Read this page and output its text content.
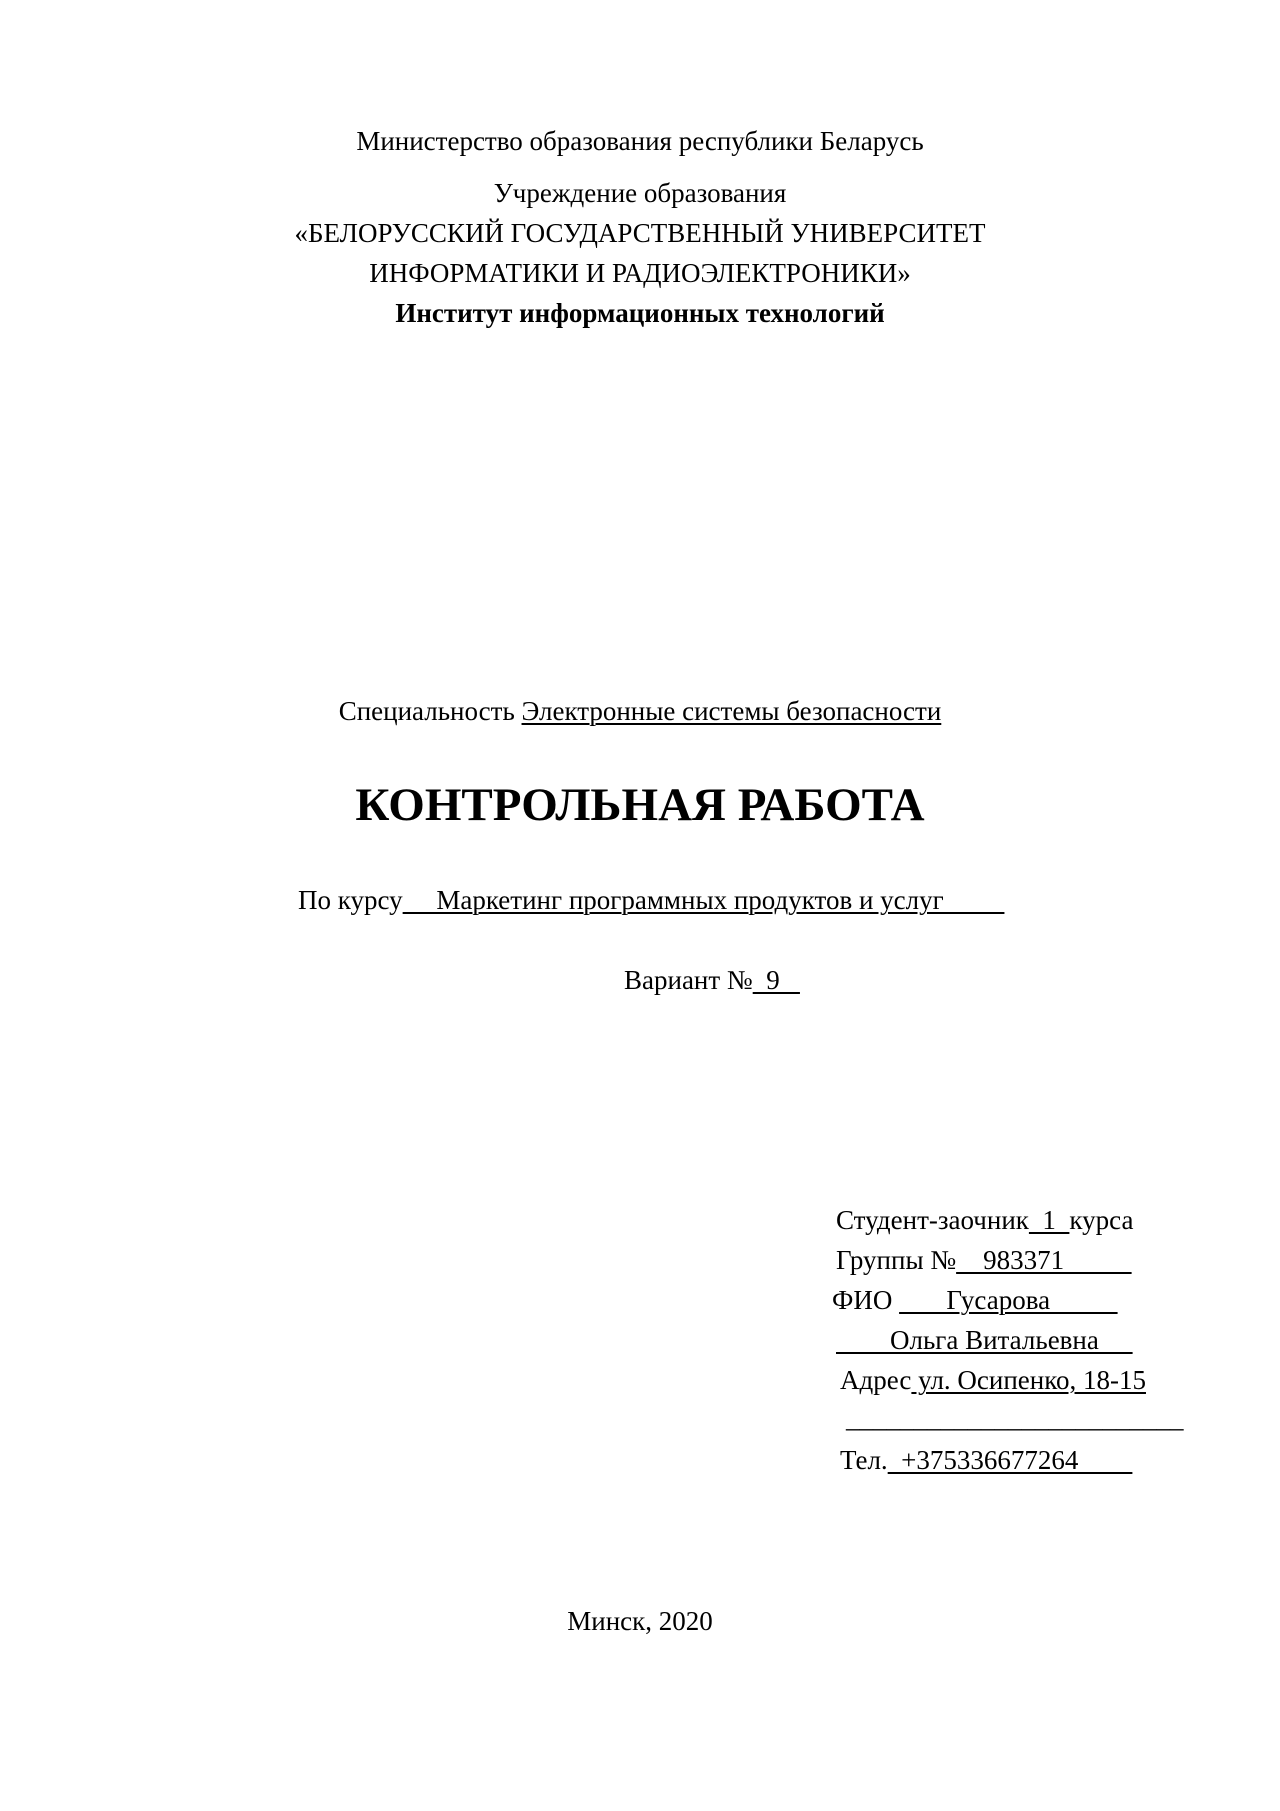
Министерство образования республики Беларусь
Учреждение образования
«БЕЛОРУССКИЙ ГОСУДАРСТВЕННЫЙ УНИВЕРСИТЕТ
ИНФОРМАТИКИ И РАДИОЭЛЕКТРОНИКИ»
Институт информационных технологий
Специальность Электронные системы безопасности
КОНТРОЛЬНАЯ РАБОТА
По курсу     Маркетинг программных продуктов и услуг
Вариант №  9
Студент-заочник  1  курса
Группы №    983371
ФИО        Гусарова
Ольга Витальевна
Адрес ул. Осипенко, 18-15
_________________________
Тел.  +375336677264
Минск, 2020
